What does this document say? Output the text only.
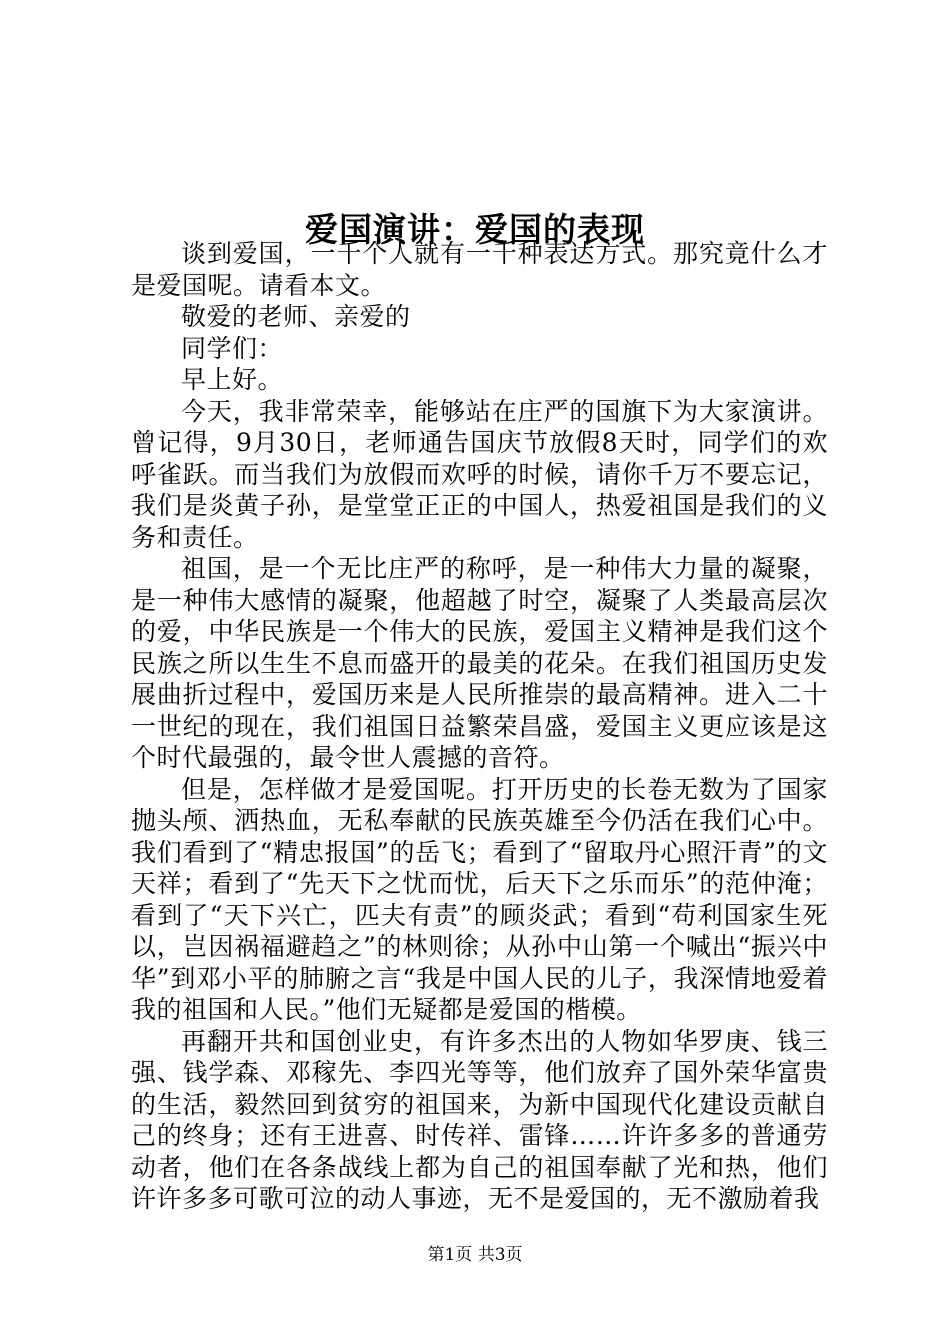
爱国演讲：爱国的表现

谈到爱国，一千个人就有一千种表达方式。那究竟什么才是爱国呢。请看本文。

敬爱的老师、亲爱的

同学们：

早上好。

今天，我非常荣幸，能够站在庄严的国旗下为大家演讲。曾记得，9月30日，老师通告国庆节放假8天时，同学们的欢呼雀跃。而当我们为放假而欢呼的时候，请你千万不要忘记，我们是炎黄子孙，是堂堂正正的中国人，热爱祖国是我们的义务和责任。

祖国，是一个无比庄严的称呼，是一种伟大力量的凝聚，是一种伟大感情的凝聚，他超越了时空，凝聚了人类最高层次的爱，中华民族是一个伟大的民族，爱国主义精神是我们这个民族之所以生生不息而盛开的最美的花朵。在我们祖国历史发展曲折过程中，爱国历来是人民所推崇的最高精神。进入二十一世纪的现在，我们祖国日益繁荣昌盛，爱国主义更应该是这个时代最强的，最令世人震撼的音符。

但是，怎样做才是爱国呢。打开历史的长卷无数为了国家抛头颅、洒热血，无私奉献的民族英雄至今仍活在我们心中。我们看到了“精忠报国”的岳飞；看到了“留取丹心照汗青”的文天祥；看到了“先天下之忧而忧，后天下之乐而乐”的范仲淹；看到了“天下兴亡，匹夫有责”的顾炎武；看到“苟利国家生死以，岂因祸福避趋之”的林则徐；从孙中山第一个喊出“振兴中华”到邓小平的肺腑之言“我是中国人民的儿子，我深情地爱着我的祖国和人民。”他们无疑都是爱国的楷模。

再翻开共和国创业史，有许多杰出的人物如华罗庚、钱三强、钱学森、邓稼先、李四光等等，他们放弃了国外荣华富贵的生活，毅然回到贫穷的祖国来，为新中国现代化建设贡献自己的终身；还有王进喜、时传祥、雷锋……许许多多的普通劳动者，他们在各条战线上都为自己的祖国奉献了光和热，他们许许多多可歌可泣的动人事迹，无不是爱国的，无不激励着我

第1页 共3页
